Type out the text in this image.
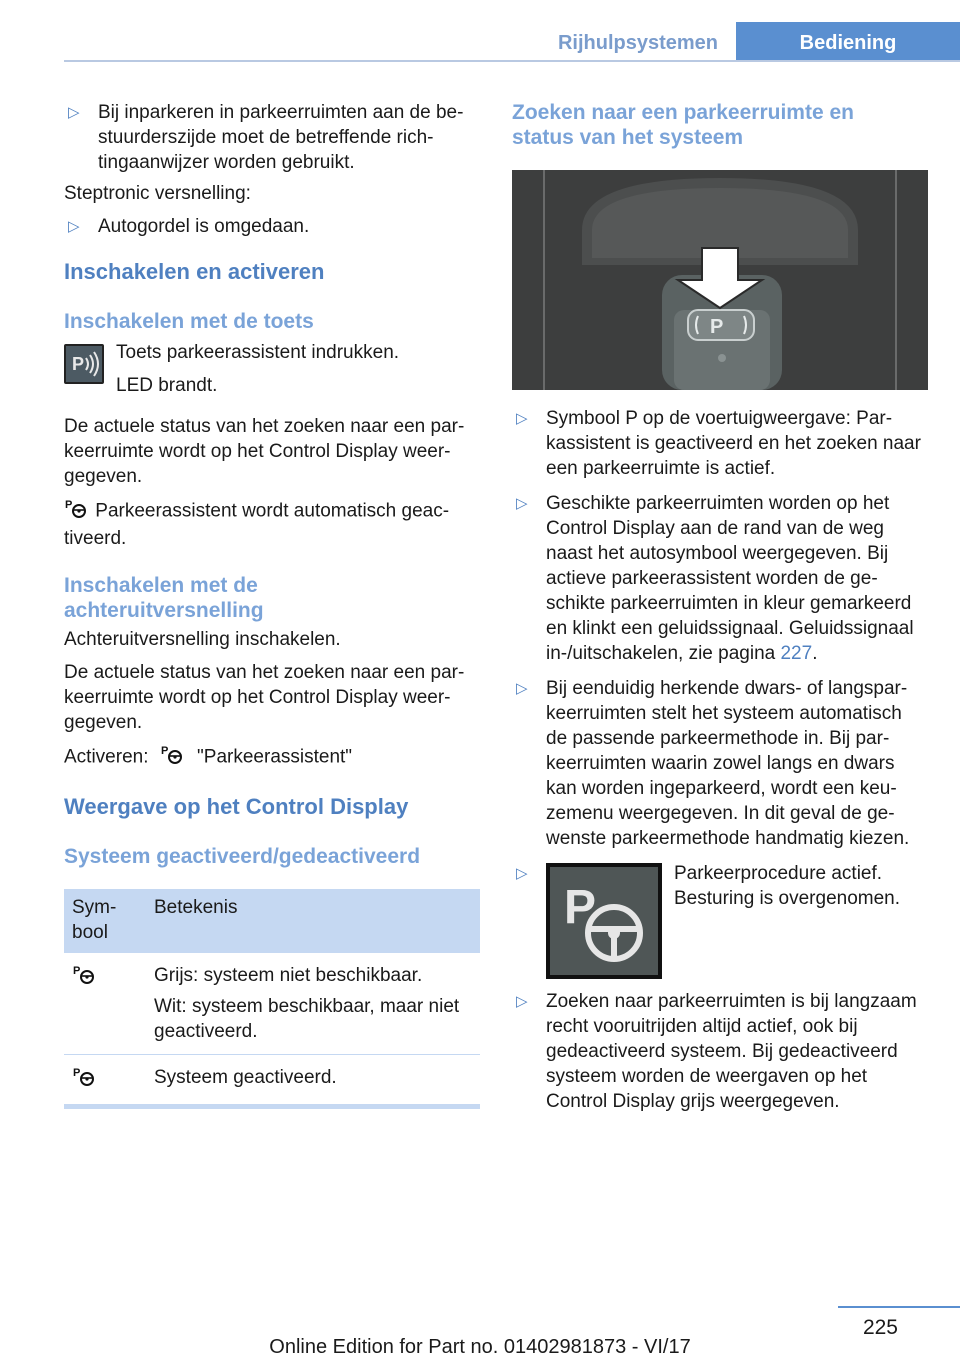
Rijhulpsystemen	Bediening
▷ Bij inparkeren in parkeerruimten aan de bestuurderszijde moet de betreffende richtingaanwijzer worden gebruikt.

Steptronic versnelling:

▷ Autogordel is omgedaan.
Inschakelen en activeren
Inschakelen met de toets
P

Toets parkeerassistent indrukken.

LED brandt.

De actuele status van het zoeken naar een parkeerruimte wordt op het Control Display weergegeven.

P Parkeerassistent wordt automatisch geactiveerd.

Inschakelen met de achteruitversnelling

Achteruitversnelling inschakelen.

De actuele status van het zoeken naar een parkeerruimte wordt op het Control Display weergegeven.

Activeren: P "Parkeerassistent"

Weergave op het Control Display
Systeem geactiveerd/gedeactiveerd
Symbool	Betekenis

P	Grijs: systeem niet beschikbaar.

Wit: systeem beschikbaar, maar niet geactiveerd.

P	Systeem geactiveerd.
Zoeken naar een parkeerruimte en status van het systeem
P
▷ Symbool P op de voertuigweergave: Parkassistent is geactiveerd en het zoeken naar een parkeerruimte is actief.
▷ Geschikte parkeerruimten worden op het Control Display aan de rand van de weg naast het autosymbool weergegeven. Bij actieve parkeerassistent worden de geschikte parkeerruimten in kleur gemarkeerd en klinkt een geluidssignaal. Geluidssignaal in-/uitschakelen, zie pagina 227.
▷ Bij eenduidig herkende dwars- of langsparkeerruimten stelt het systeem automatisch de passende parkeermethode in. Bij parkeerruimten waarin zowel langs en dwars kan worden ingeparkeerd, wordt een keuzemenu weergegeven. In dit geval de gewenste parkeermethode handmatig kiezen.
▷
P

Parkeerprocedure actief.

Besturing is overgenomen.

▷ Zoeken naar parkeerruimten is bij langzaam recht vooruitrijden altijd actief, ook bij gedeactiveerd systeem. Bij gedeactiveerd systeem worden de weergaven op het Control Display grijs weergegeven.
225
Online Edition for Part no. 01402981873 - VI/17
